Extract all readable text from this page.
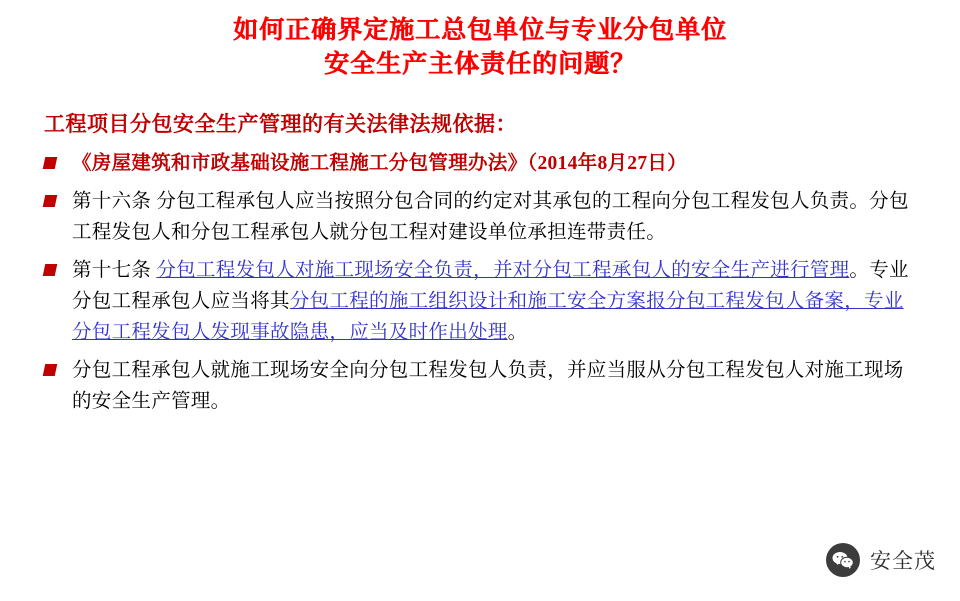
如何正确界定施工总包单位与专业分包单位
安全生产主体责任的问题？
工程项目分包安全生产管理的有关法律法规依据：
《房屋建筑和市政基础设施工程施工分包管理办法》（2014年8月27日）
第十六条 分包工程承包人应当按照分包合同的约定对其承包的工程向分包工程发包人负责。分包工程发包人和分包工程承包人就分包工程对建设单位承担连带责任。
第十七条 分包工程发包人对施工现场安全负责，并对分包工程承包人的安全生产进行管理。专业分包工程承包人应当将其分包工程的施工组织设计和施工安全方案报分包工程发包人备案，专业分包工程发包人发现事故隐患，应当及时作出处理。
分包工程承包人就施工现场安全向分包工程发包人负责，并应当服从分包工程发包人对施工现场的安全生产管理。
安全茂
